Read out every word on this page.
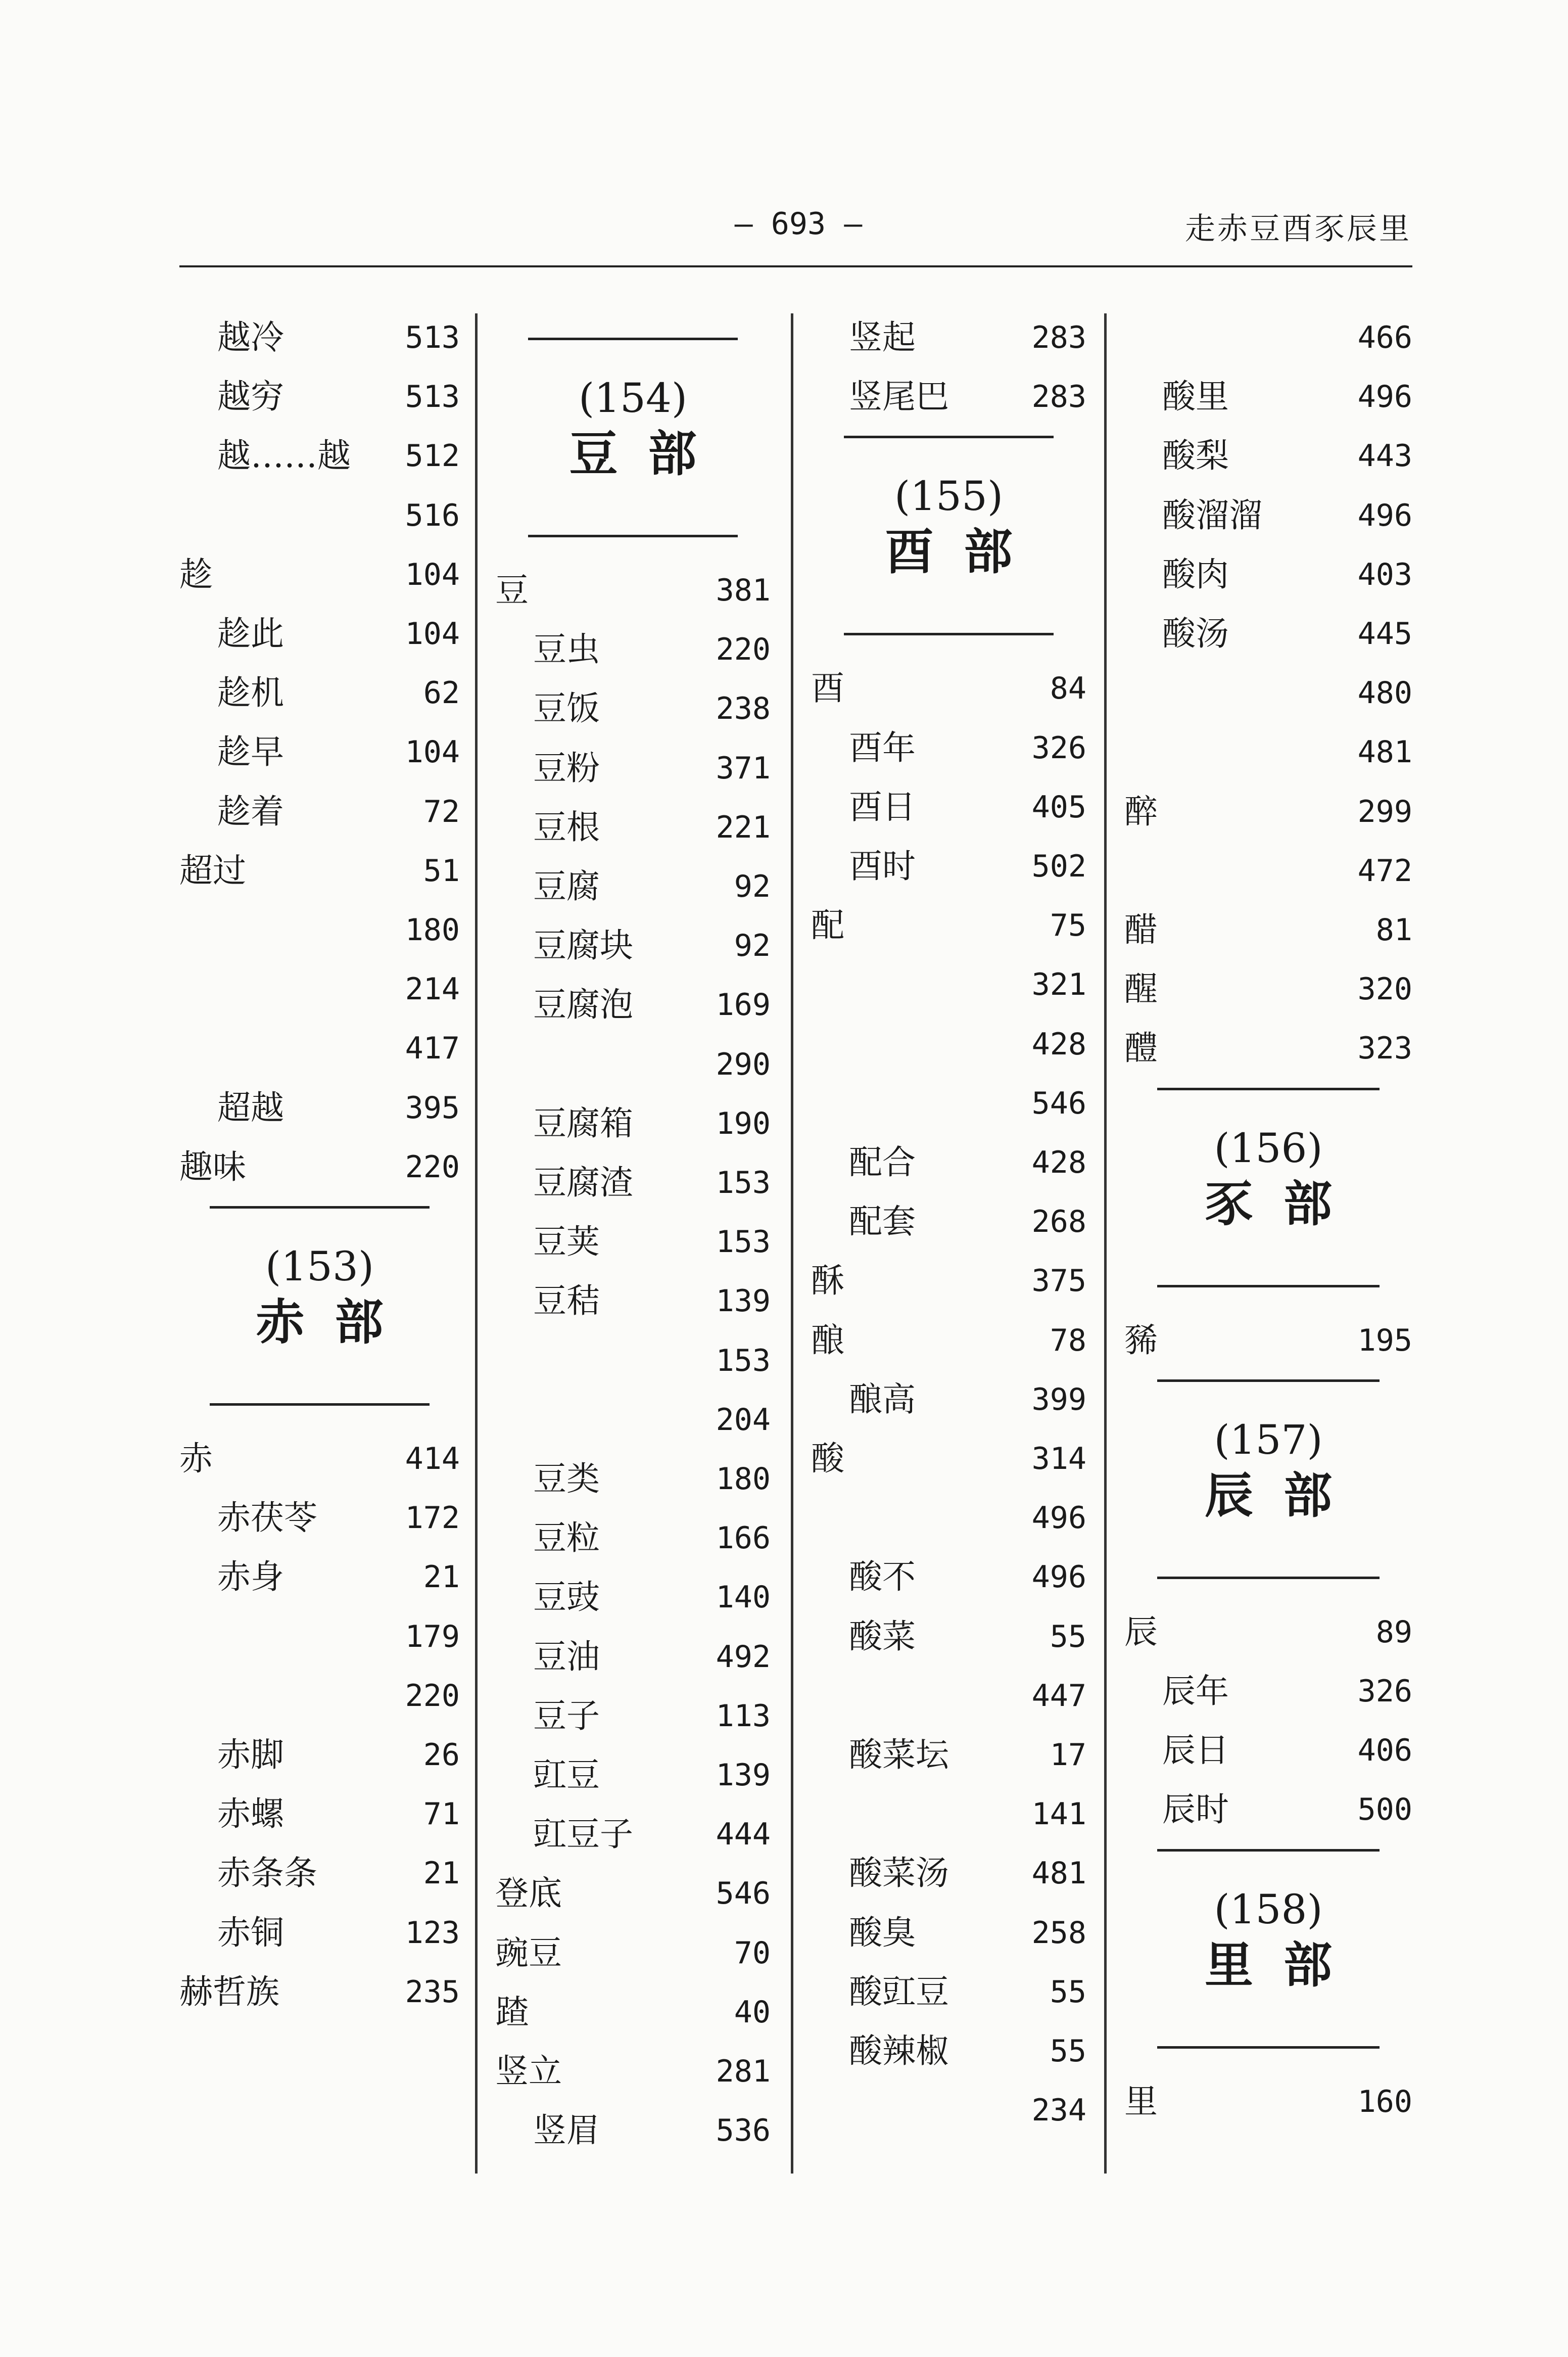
— 693 —	走赤豆酉豕辰里
越冷	513
越穷	513
越……越 512
516
趁	104
趁此	104
趁机	62
趁早	104
趁着	72
超过	51
180
214
417
超越	395
趣味	220
(153)
赤部
赤	414
赤茯苓	172
赤身	21
179
220
赤脚	26
赤螺	71
赤条条	21
赤铜	123
赫哲族	235
(154)
豆部
豆	381
豆虫	220
豆饭	238
豆粉	371
豆根	221
豆腐	92
豆腐块	92
豆腐泡	169
290
豆腐箱	190
豆腐渣	153
豆荚	153
豆秸	139
153
204
豆类	180
豆粒	166
豆豉	140
豆油	492
豆子	113
豇豆	139
豇豆子	444
登底	546
豌豆	70
蹅	40
竖立	281
竖眉	536
竖起	283
竖尾巴	283
(155)
酉部
酉	84
酉年	326
酉日	405
酉时	502
配	75
321
428
546
配合	428
配套	268
酥	375
酿	78
酿高	399
酸	314
496
酸不	496
酸菜	55
447
酸菜坛	17
141
酸菜汤	481
酸臭	258
酸豇豆	55
酸辣椒	55
234
466
酸里	496
酸梨	443
酸溜溜	496
酸肉	403
酸汤	445
480
481
醉	299
472
醋	81
醒	320
醴	323
(156)
豕部
豨	195
(157)
辰部
辰	89
辰年	326
辰日	406
辰时	500
(158)
里部
里	160
